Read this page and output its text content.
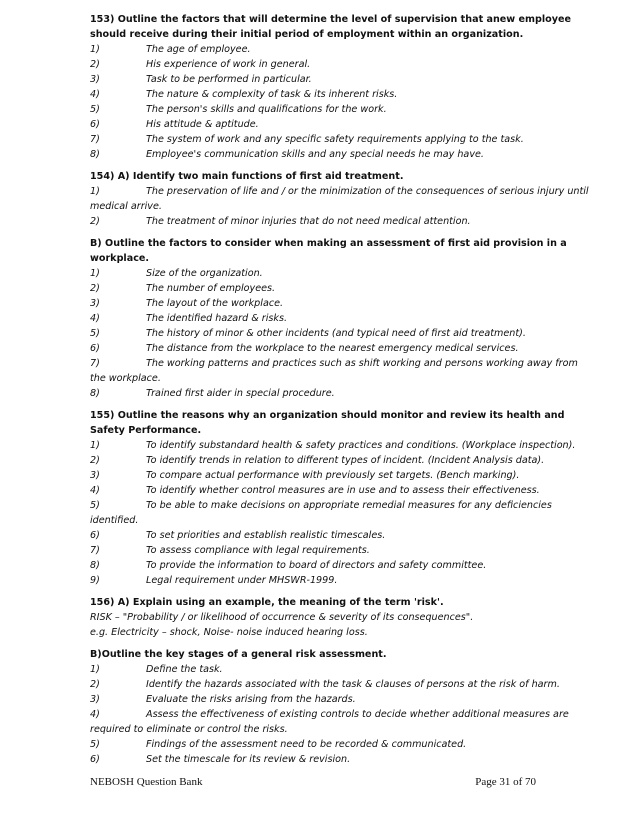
153) Outline the factors that will determine the level of supervision that anew employee should receive during their initial period of employment within an organization.

1)	The age of employee.
2)	His experience of work in general.
3)	Task to be performed in particular.
4)	The nature & complexity of task & its inherent risks.
5)	The person's skills and qualifications for the work.
6)	His attitude & aptitude.
7)	The system of work and any specific safety requirements applying to the task.
8)	Employee's communication skills and any special needs he may have.

154) A) Identify two main functions of first aid treatment.

1)	The preservation of life and / or the minimization of the consequences of serious injury until medical arrive.
2)	The treatment of minor injuries that do not need medical attention.

B) Outline the factors to consider when making an assessment of first aid provision in a workplace.

1)	Size of the organization.
2)	The number of employees.
3)	The layout of the workplace.
4)	The identified hazard & risks.
5)	The history of minor & other incidents (and typical need of first aid treatment).
6)	The distance from the workplace to the nearest emergency medical services.
7)	The working patterns and practices such as shift working and persons working away from the workplace.
8)	Trained first aider in special procedure.

155) Outline the reasons why an organization should monitor and review its health and Safety Performance.

1)	To identify substandard health & safety practices and conditions. (Workplace inspection).
2)	To identify trends in relation to different types of incident. (Incident Analysis data).
3)	To compare actual performance with previously set targets. (Bench marking).
4)	To identify whether control measures are in use and to assess their effectiveness.
5)	To be able to make decisions on appropriate remedial measures for any deficiencies identified.
6)	To set priorities and establish realistic timescales.
7)	To assess compliance with legal requirements.
8)	To provide the information to board of directors and safety committee.
9)	Legal requirement under MHSWR-1999.

156) A) Explain using an example, the meaning of the term 'risk'.

RISK – "Probability / or likelihood of occurrence & severity of its consequences".

e.g. Electricity – shock, Noise- noise induced hearing loss.

B)Outline the key stages of a general risk assessment.

1)	Define the task.
2)	Identify the hazards associated with the task & clauses of persons at the risk of harm.
3)	Evaluate the risks arising from the hazards.
4)	Assess the effectiveness of existing controls to decide whether additional measures are required to eliminate or control the risks.
5)	Findings of the assessment need to be recorded & communicated.
6)	Set the timescale for its review & revision.
NEBOSH Question Bank	Page 31 of 70
